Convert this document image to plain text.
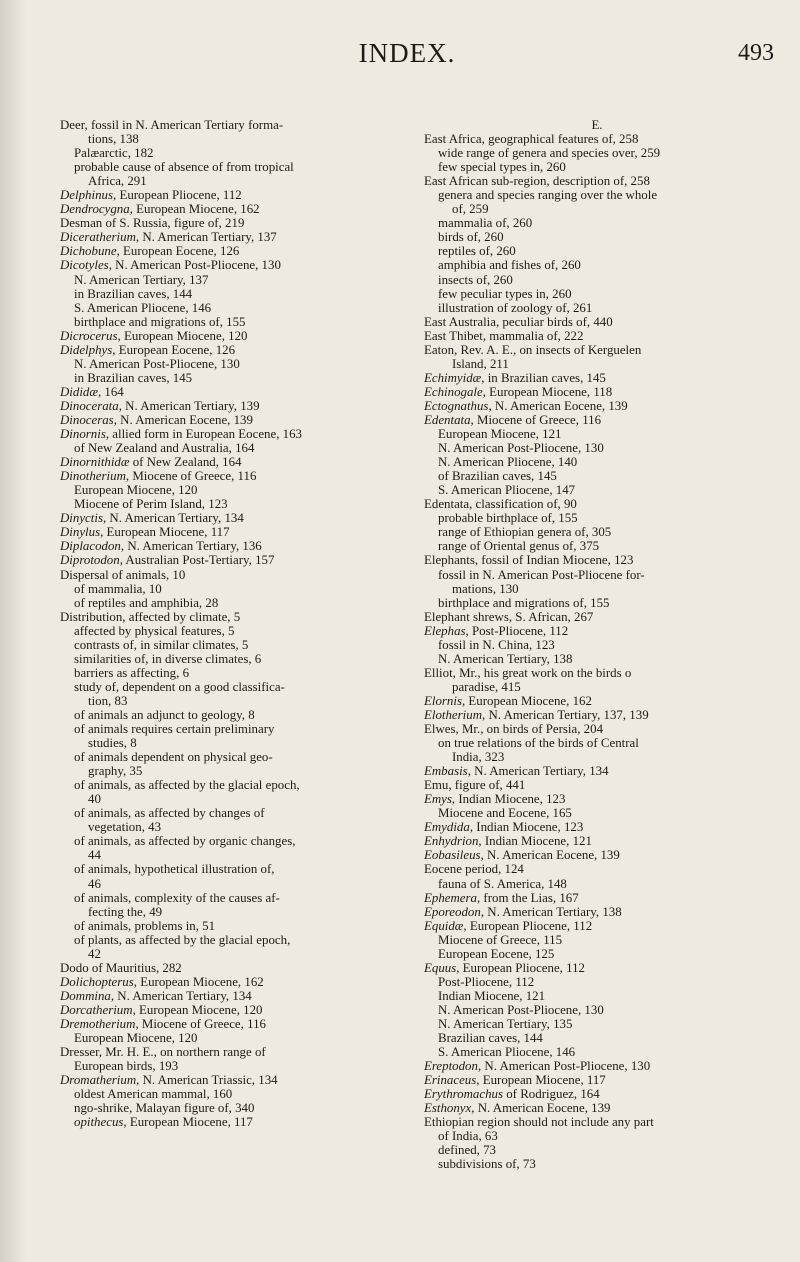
INDEX.	493
Deer, fossil in N. American Tertiary forma-
tions, 138
Palæarctic, 182
probable cause of absence of from tropical
Africa, 291
Delphinus, European Pliocene, 112
Dendrocygna, European Miocene, 162
Desman of S. Russia, figure of, 219
Diceratherium, N. American Tertiary, 137
Dichobune, European Eocene, 126
Dicotyles, N. American Post-Pliocene, 130
N. American Tertiary, 137
in Brazilian caves, 144
S. American Pliocene, 146
birthplace and migrations of, 155
Dicrocerus, European Miocene, 120
Didelphys, European Eocene, 126
N. American Post-Pliocene, 130
in Brazilian caves, 145
Dididæ, 164
Dinocerata, N. American Tertiary, 139
Dinoceras, N. American Eocene, 139
Dinornis, allied form in European Eocene, 163
of New Zealand and Australia, 164
Dinornithidæ of New Zealand, 164
Dinotherium, Miocene of Greece, 116
European Miocene, 120
Miocene of Perim Island, 123
Dinyctis, N. American Tertiary, 134
Dinylus, European Miocene, 117
Diplacodon, N. American Tertiary, 136
Diprotodon, Australian Post-Tertiary, 157
Dispersal of animals, 10
of mammalia, 10
of reptiles and amphibia, 28
Distribution, affected by climate, 5
affected by physical features, 5
contrasts of, in similar climates, 5
similarities of, in diverse climates, 6
barriers as affecting, 6
study of, dependent on a good classifica-
tion, 83
of animals an adjunct to geology, 8
of animals requires certain preliminary
studies, 8
of animals dependent on physical geo-
graphy, 35
of animals, as affected by the glacial epoch,
40
of animals, as affected by changes of
vegetation, 43
of animals, as affected by organic changes,
44
of animals, hypothetical illustration of,
46
of animals, complexity of the causes af-
fecting the, 49
of animals, problems in, 51
of plants, as affected by the glacial epoch,
42
Dodo of Mauritius, 282
Dolichopterus, European Miocene, 162
Dommina, N. American Tertiary, 134
Dorcatherium, European Miocene, 120
Dremotherium, Miocene of Greece, 116
European Miocene, 120
Dresser, Mr. H. E., on northern range of
European birds, 193
Dromatherium, N. American Triassic, 134
oldest American mammal, 160
ngo-shrike, Malayan figure of, 340
opithecus, European Miocene, 117
E.
East Africa, geographical features of, 258
wide range of genera and species over, 259
few special types in, 260
East African sub-region, description of, 258
genera and species ranging over the whole
of, 259
mammalia of, 260
birds of, 260
reptiles of, 260
amphibia and fishes of, 260
insects of, 260
few peculiar types in, 260
illustration of zoology of, 261
East Australia, peculiar birds of, 440
East Thibet, mammalia of, 222
Eaton, Rev. A. E., on insects of Kerguelen
Island, 211
Echimyidæ, in Brazilian caves, 145
Echinogale, European Miocene, 118
Ectognathus, N. American Eocene, 139
Edentata, Miocene of Greece, 116
European Miocene, 121
N. American Post-Pliocene, 130
N. American Pliocene, 140
of Brazilian caves, 145
S. American Pliocene, 147
Edentata, classification of, 90
probable birthplace of, 155
range of Ethiopian genera of, 305
range of Oriental genus of, 375
Elephants, fossil of Indian Miocene, 123
fossil in N. American Post-Pliocene for-
mations, 130
birthplace and migrations of, 155
Elephant shrews, S. African, 267
Elephas, Post-Pliocene, 112
fossil in N. China, 123
N. American Tertiary, 138
Elliot, Mr., his great work on the birds o
paradise, 415
Elornis, European Miocene, 162
Elotherium, N. American Tertiary, 137, 139
Elwes, Mr., on birds of Persia, 204
on true relations of the birds of Central
India, 323
Embasis, N. American Tertiary, 134
Emu, figure of, 441
Emys, Indian Miocene, 123
Miocene and Eocene, 165
Emydida, Indian Miocene, 123
Enhydrion, Indian Miocene, 121
Eobasileus, N. American Eocene, 139
Eocene period, 124
fauna of S. America, 148
Ephemera, from the Lias, 167
Eporeodon, N. American Tertiary, 138
Equidæ, European Pliocene, 112
Miocene of Greece, 115
European Eocene, 125
Equus, European Pliocene, 112
Post-Pliocene, 112
Indian Miocene, 121
N. American Post-Pliocene, 130
N. American Tertiary, 135
Brazilian caves, 144
S. American Pliocene, 146
Ereptodon, N. American Post-Pliocene, 130
Erinaceus, European Miocene, 117
Erythromachus of Rodriguez, 164
Esthonyx, N. American Eocene, 139
Ethiopian region should not include any part
of India, 63
defined, 73
subdivisions of, 73
